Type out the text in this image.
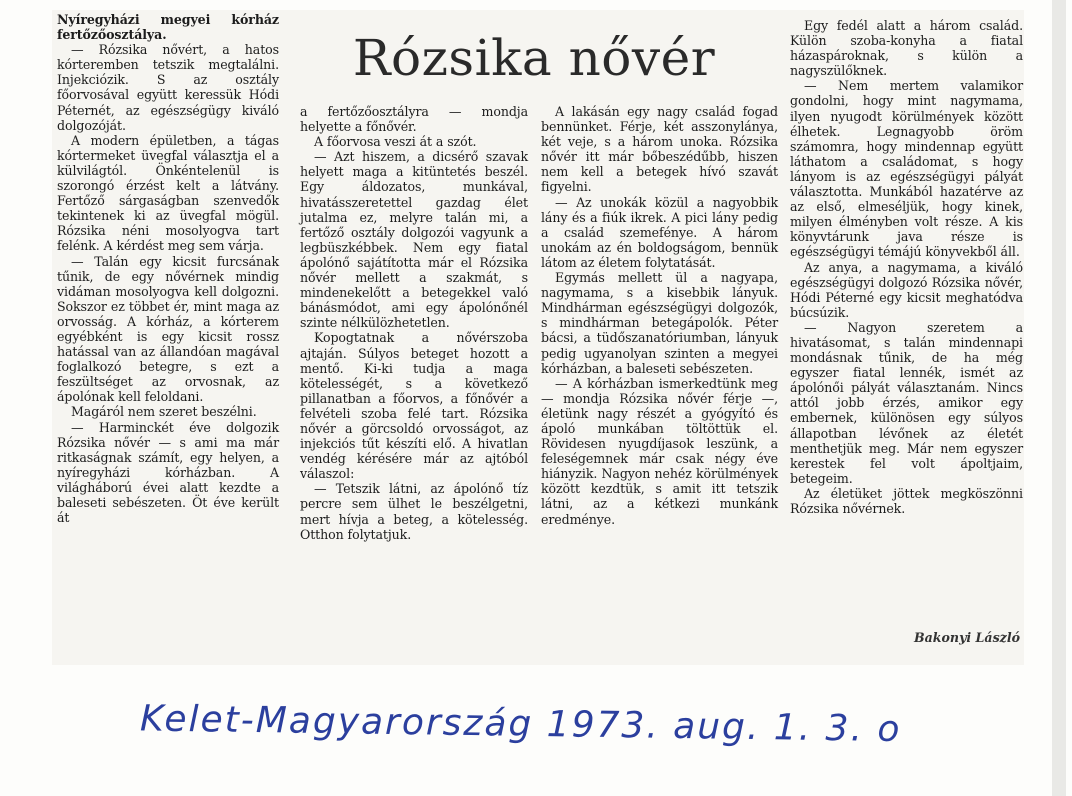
Rózsika nővér

Nyíregyházi megyei kórház fertőzőosztálya.

— Rózsika nővért, a hatos kórteremben tetszik megtalálni. Injekciózik. S az osztály főorvosával együtt keressük Hódi Péternét, az egészségügy kiváló dolgozóját.

A modern épületben, a tágas kórtermeket üvegfal választja el a külvilágtól. Önkéntelenül is szorongó érzést kelt a látvány. Fertőző sárgaságban szenvedők tekintenek ki az üvegfal mögül. Rózsika néni mosolyogva tart felénk. A kérdést meg sem várja.

— Talán egy kicsit furcsának tűnik, de egy nővérnek mindig vidáman mosolyogva kell dolgozni. Sokszor ez többet ér, mint maga az orvosság. A kórház, a kórterem egyébként is egy kicsit rossz hatással van az állandóan magával foglalkozó betegre, s ezt a feszültséget az orvosnak, az ápolónak kell feloldani.

Magáról nem szeret beszélni.

— Harminckét éve dolgozik Rózsika nővér — s ami ma már ritkaságnak számít, egy helyen, a nyíregyházi kórházban. A világháború évei alatt kezdte a baleseti sebészeten. Öt éve került át

a fertőzőosztályra — mondja helyette a főnővér.

A főorvosa veszi át a szót.

— Azt hiszem, a dicsérő szavak helyett maga a kitüntetés beszél. Egy áldozatos, munkával, hivatásszeretettel gazdag élet jutalma ez, melyre talán mi, a fertőző osztály dolgozói vagyunk a legbüszkébbek. Nem egy fiatal ápolónő sajátította már el Rózsika nővér mellett a szakmát, s mindenekelőtt a betegekkel való bánásmódot, ami egy ápolónőnél szinte nélkülözhetetlen.

Kopogtatnak a nővérszoba ajtaján. Súlyos beteget hozott a mentő. Ki-ki tudja a maga kötelességét, s a következő pillanatban a főorvos, a főnővér a felvételi szoba felé tart. Rózsika nővér a görcsoldó orvosságot, az injekciós tűt készíti elő. A hivatlan vendég kérésére már az ajtóból válaszol:

— Tetszik látni, az ápolónő tíz percre sem ülhet le beszélgetni, mert hívja a beteg, a kötelesség. Otthon folytatjuk.

A lakásán egy nagy család fogad bennünket. Férje, két asszonylánya, két veje, s a három unoka. Rózsika nővér itt már bőbeszédűbb, hiszen nem kell a betegek hívó szavát figyelni.

— Az unokák közül a nagyobbik lány és a fiúk ikrek. A pici lány pedig a család szemefénye. A három unokám az én boldogságom, bennük látom az életem folytatását.

Egymás mellett ül a nagyapa, nagymama, s a kisebbik lányuk. Mindhárman egészségügyi dolgozók, s mindhárman betegápolók. Péter bácsi, a tüdőszanatóriumban, lányuk pedig ugyanolyan szinten a megyei kórházban, a baleseti sebészeten.

— A kórházban ismerkedtünk meg — mondja Rózsika nővér férje —, életünk nagy részét a gyógyító és ápoló munkában töltöttük el. Rövidesen nyugdíjasok leszünk, a feleségemnek már csak négy éve hiányzik. Nagyon nehéz körülmények között kezdtük, s amit itt tetszik látni, az a kétkezi munkánk eredménye.

Egy fedél alatt a három család. Külön szoba-konyha a fiatal házaspároknak, s külön a nagyszülőknek.

— Nem mertem valamikor gondolni, hogy mint nagymama, ilyen nyugodt körülmények között élhetek. Legnagyobb öröm számomra, hogy mindennap együtt láthatom a családomat, s hogy lányom is az egészségügyi pályát választotta. Munkából hazatérve az az első, elmeséljük, hogy kinek, milyen élményben volt része. A kis könyvtárunk java része is egészségügyi témájú könyvekből áll.

Az anya, a nagymama, a kiváló egészségügyi dolgozó Rózsika nővér, Hódi Péterné egy kicsit meghatódva búcsúzik.

— Nagyon szeretem a hivatásomat, s talán mindennapi mondásnak tűnik, de ha még egyszer fiatal lennék, ismét az ápolónői pályát választanám. Nincs attól jobb érzés, amikor egy embernek, különösen egy súlyos állapotban lévőnek az életét menthetjük meg. Már nem egyszer kerestek fel volt ápoltjaim, betegeim.

Az életüket jöttek megköszönni Rózsika nővérnek.

Bakonyi László
Kelet-Magyarország 1973. aug. 1. 3. o
